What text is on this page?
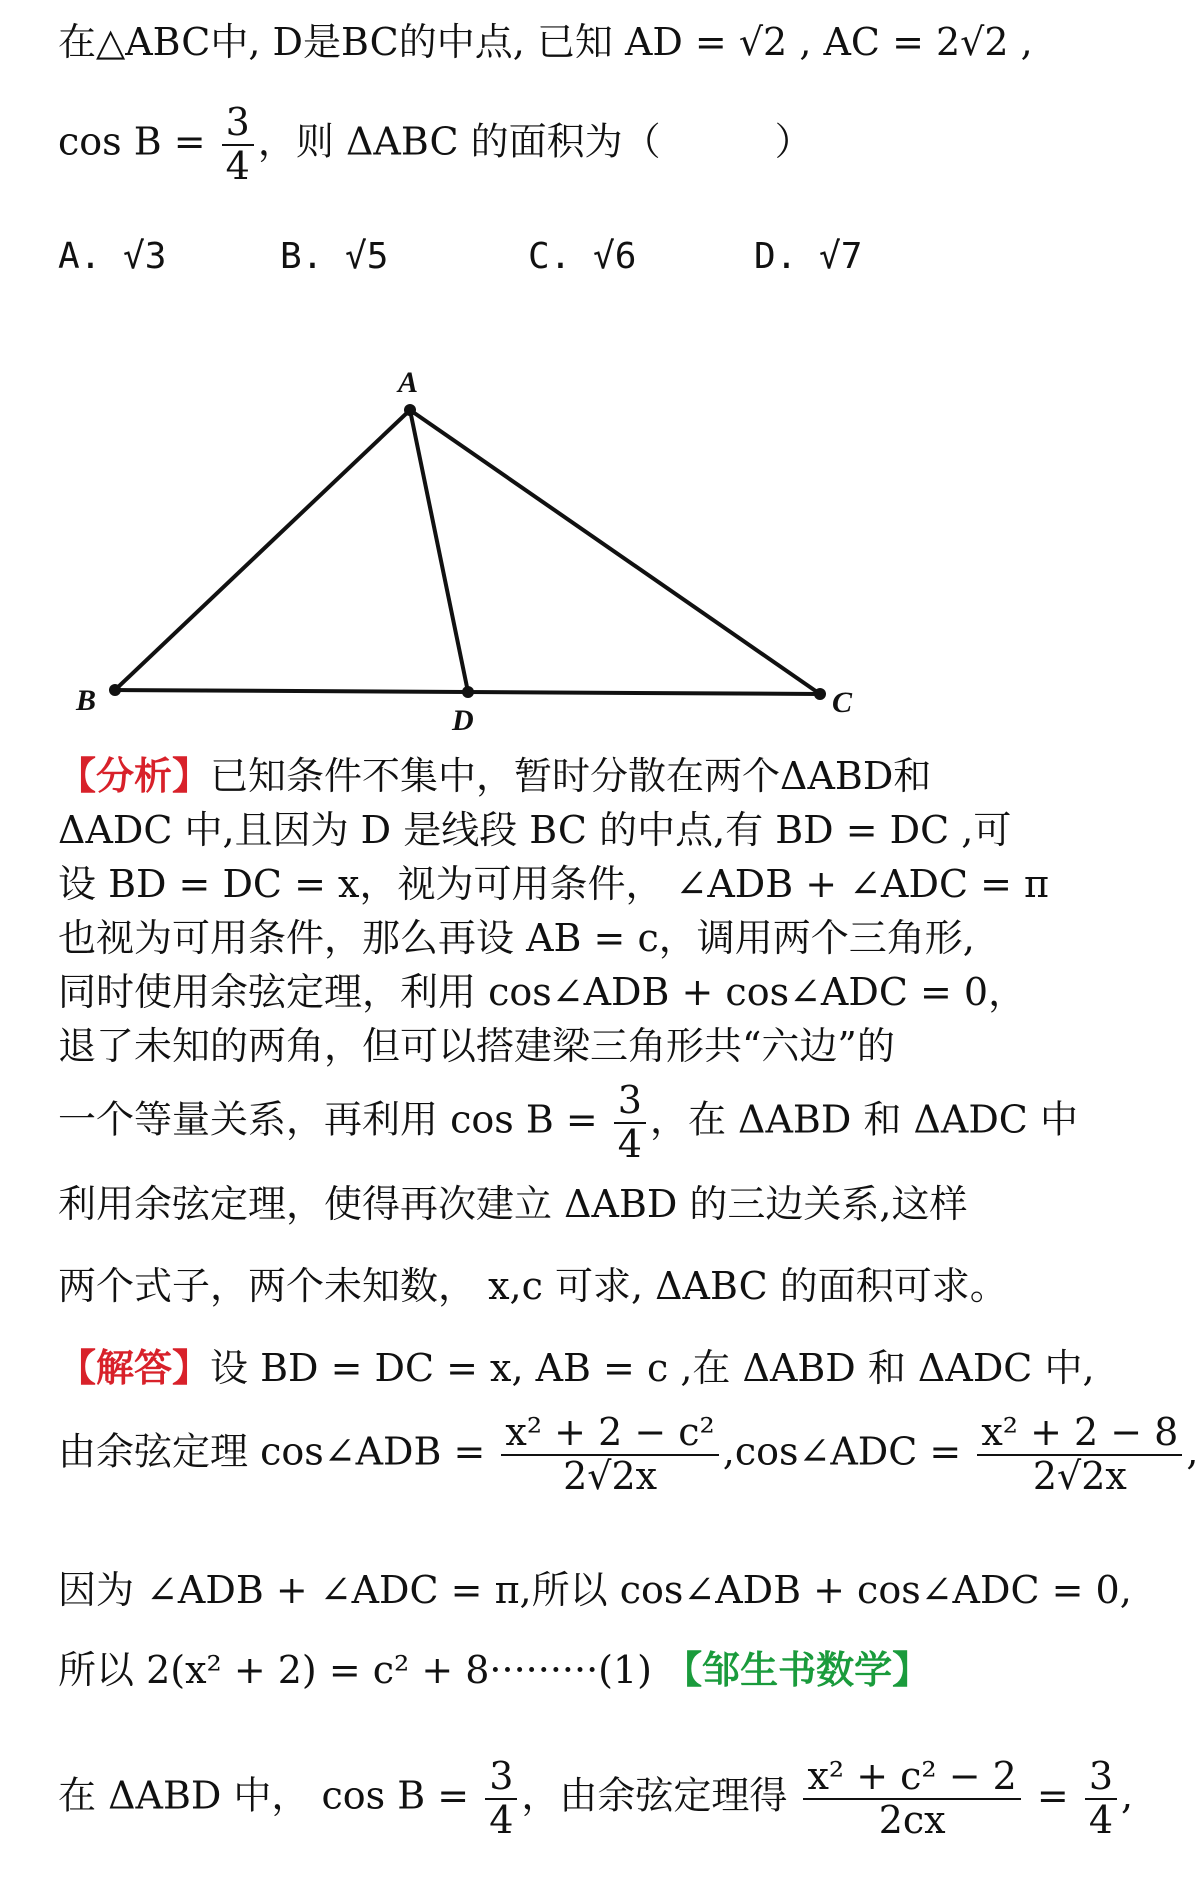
在△ABC中, D是BC的中点, 已知 AD = √2 , AC = 2√2 ,
$\cos B = \frac{3}{4}$ ，则 ΔABC 的面积为（　　　）
A. √3	B. √5	C. √6	D. √7
A
B	C
D
【分析】已知条件不集中，暂时分散在两个ΔABD和
ΔADC 中,且因为 D 是线段 BC 的中点,有 BD = DC ,可
设 BD = DC = x，视为可用条件， ∠ADB + ∠ADC = π
也视为可用条件，那么再设 AB = c，调用两个三角形,
同时使用余弦定理，利用 cos∠ADB + cos∠ADC = 0，
退了未知的两角，但可以搭建梁三角形共“六边”的
一个等量关系，再利用 $\cos B = \frac{3}{4}$ ，在 ΔABD 和 ΔADC 中
利用余弦定理，使得再次建立 ΔABD 的三边关系,这样
两个式子，两个未知数， x,c 可求, ΔABC 的面积可求。
【解答】设 BD = DC = x, AB = c ,在 ΔABD 和 ΔADC 中,
由余弦定理 cos∠ADB = $\frac{\text{x² + 2 − c²}}{2√2x}$ ,cos∠ADC = $\frac{\text{x² + 2 − 8}}{2√2x}$ ,
因为 ∠ADB + ∠ADC = π,所以 cos∠ADB + cos∠ADC = 0,
所以 2(x² + 2) = c² + 8·········(1) 【邹生书数学】
在 ΔABD 中， $\cos B = \frac{3}{4}$ ，由余弦定理得 $\frac{\text{x² + c² − 2}}{2cx} = \frac{3}{4}$ ,
